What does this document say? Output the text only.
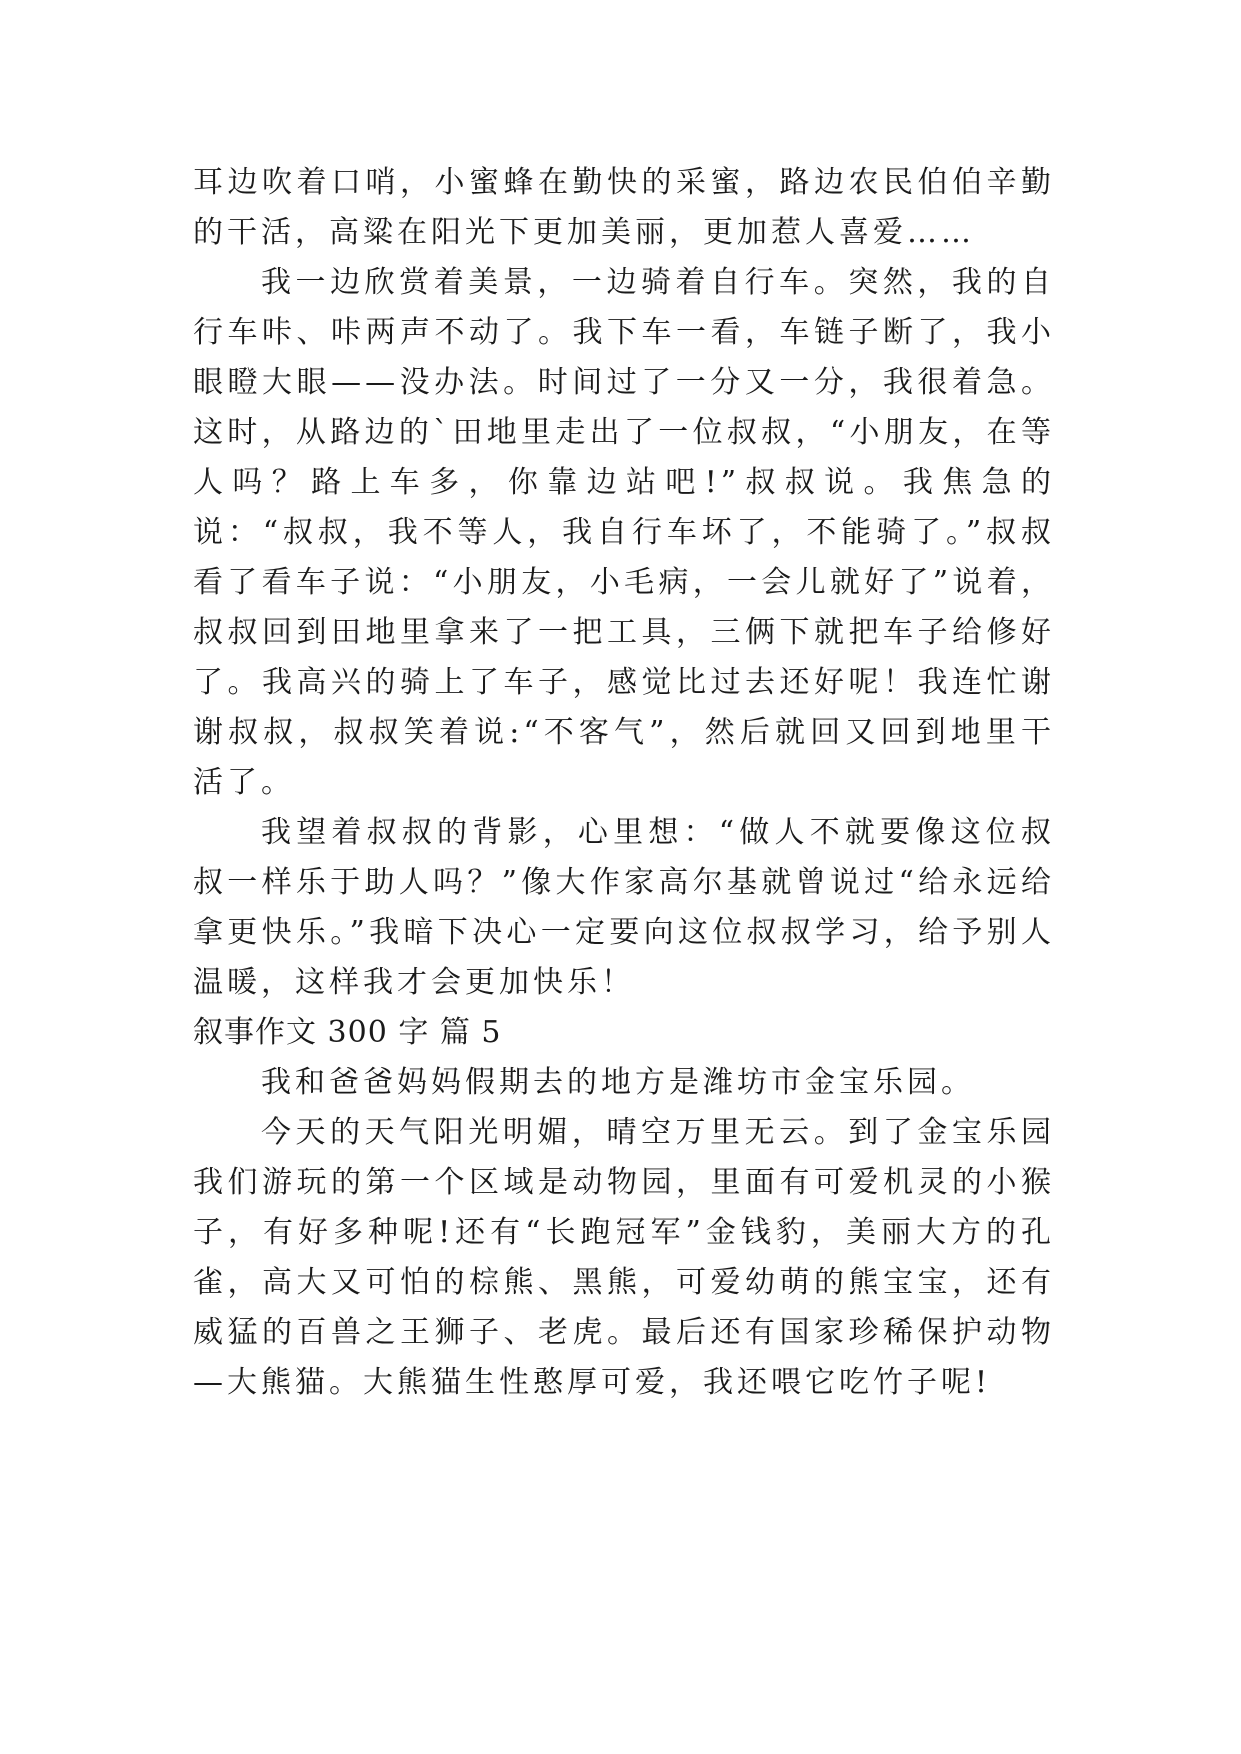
耳边吹着口哨，小蜜蜂在勤快的采蜜，路边农民伯伯辛勤的干活，高粱在阳光下更加美丽，更加惹人喜爱……

我一边欣赏着美景，一边骑着自行车。突然，我的自行车咔、咔两声不动了。我下车一看，车链子断了，我小眼瞪大眼——没办法。时间过了一分又一分，我很着急。这时，从路边的`田地里走出了一位叔叔，“小朋友，在等人吗？路上车多，你靠边站吧!”叔叔说。我焦急的说：“叔叔，我不等人，我自行车坏了，不能骑了。”叔叔看了看车子说：“小朋友，小毛病，一会儿就好了”说着，叔叔回到田地里拿来了一把工具，三俩下就把车子给修好了。我高兴的骑上了车子，感觉比过去还好呢！我连忙谢谢叔叔，叔叔笑着说:“不客气”，然后就回又回到地里干活了。

我望着叔叔的背影，心里想：“做人不就要像这位叔叔一样乐于助人吗？”像大作家高尔基就曾说过“给永远给拿更快乐。”我暗下决心一定要向这位叔叔学习，给予别人温暖，这样我才会更加快乐！

叙事作文 300 字 篇 5

我和爸爸妈妈假期去的地方是潍坊市金宝乐园。

今天的天气阳光明媚，晴空万里无云。到了金宝乐园我们游玩的第一个区域是动物园，里面有可爱机灵的小猴子，有好多种呢!还有“长跑冠军”金钱豹，美丽大方的孔雀，高大又可怕的棕熊、黑熊，可爱幼萌的熊宝宝，还有威猛的百兽之王狮子、老虎。最后还有国家珍稀保护动物—大熊猫。大熊猫生性憨厚可爱，我还喂它吃竹子呢!
